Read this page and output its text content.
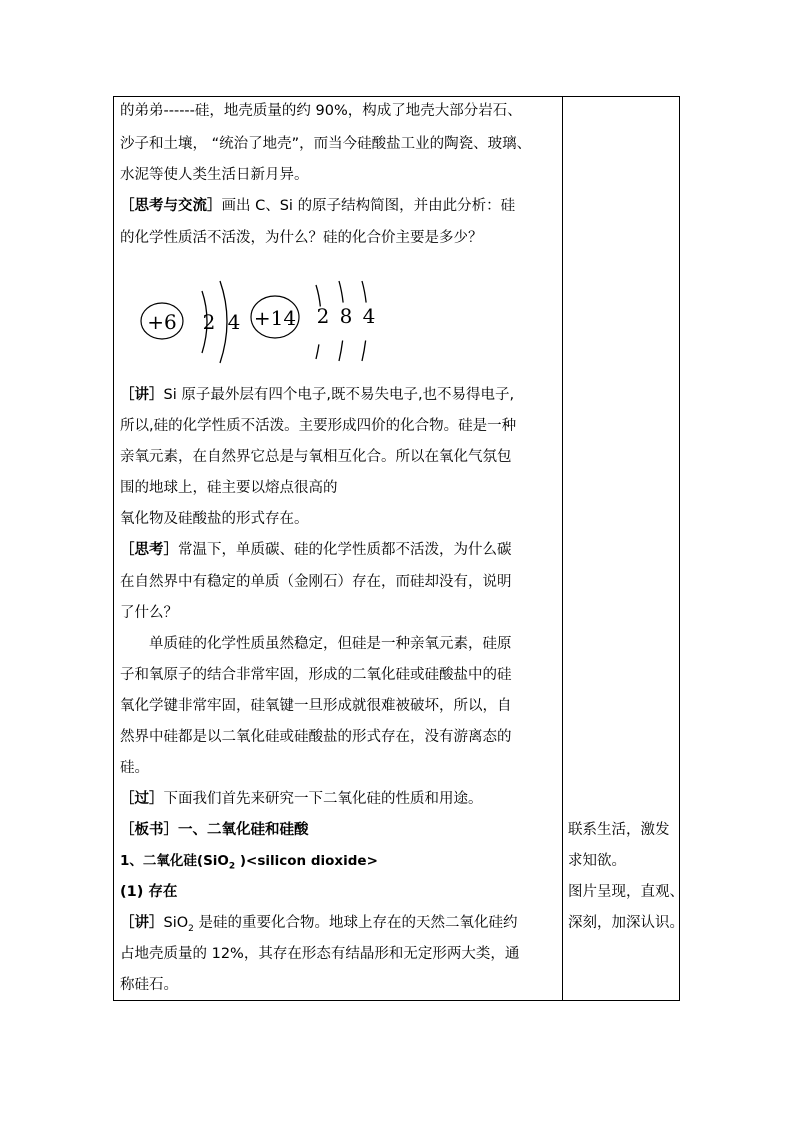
的弟弟------硅，地壳质量的约 90%，构成了地壳大部分岩石、
沙子和土壤， “统治了地壳”，而当今硅酸盐工业的陶瓷、玻璃、
水泥等使人类生活日新月异。
［思考与交流］画出 C、Si 的原子结构简图，并由此分析：硅
的化学性质活不活泼，为什么？硅的化合价主要是多少？
+6 2 4 +14 2 8 4
［讲］Si 原子最外层有四个电子,既不易失电子,也不易得电子,
所以,硅的化学性质不活泼。主要形成四价的化合物。硅是一种
亲氧元素，在自然界它总是与氧相互化合。所以在氧化气氛包
围的地球上，硅主要以熔点很高的
氧化物及硅酸盐的形式存在。
［思考］常温下，单质碳、硅的化学性质都不活泼，为什么碳
在自然界中有稳定的单质（金刚石）存在，而硅却没有，说明
了什么？
单质硅的化学性质虽然稳定，但硅是一种亲氧元素，硅原
子和氧原子的结合非常牢固，形成的二氧化硅或硅酸盐中的硅
氧化学键非常牢固，硅氧键一旦形成就很难被破坏，所以，自
然界中硅都是以二氧化硅或硅酸盐的形式存在，没有游离态的
硅。
［过］下面我们首先来研究一下二氧化硅的性质和用途。
［板书］一、二氧化硅和硅酸
1、二氧化硅(SiO$_2$ )<silicon dioxide>
(1) 存在
［讲］SiO$_2$ 是硅的重要化合物。地球上存在的天然二氧化硅约
占地壳质量的 12%，其存在形态有结晶形和无定形两大类，通
称硅石。
联系生活，激发
求知欲。
图片呈现，直观、
深刻，加深认识。
